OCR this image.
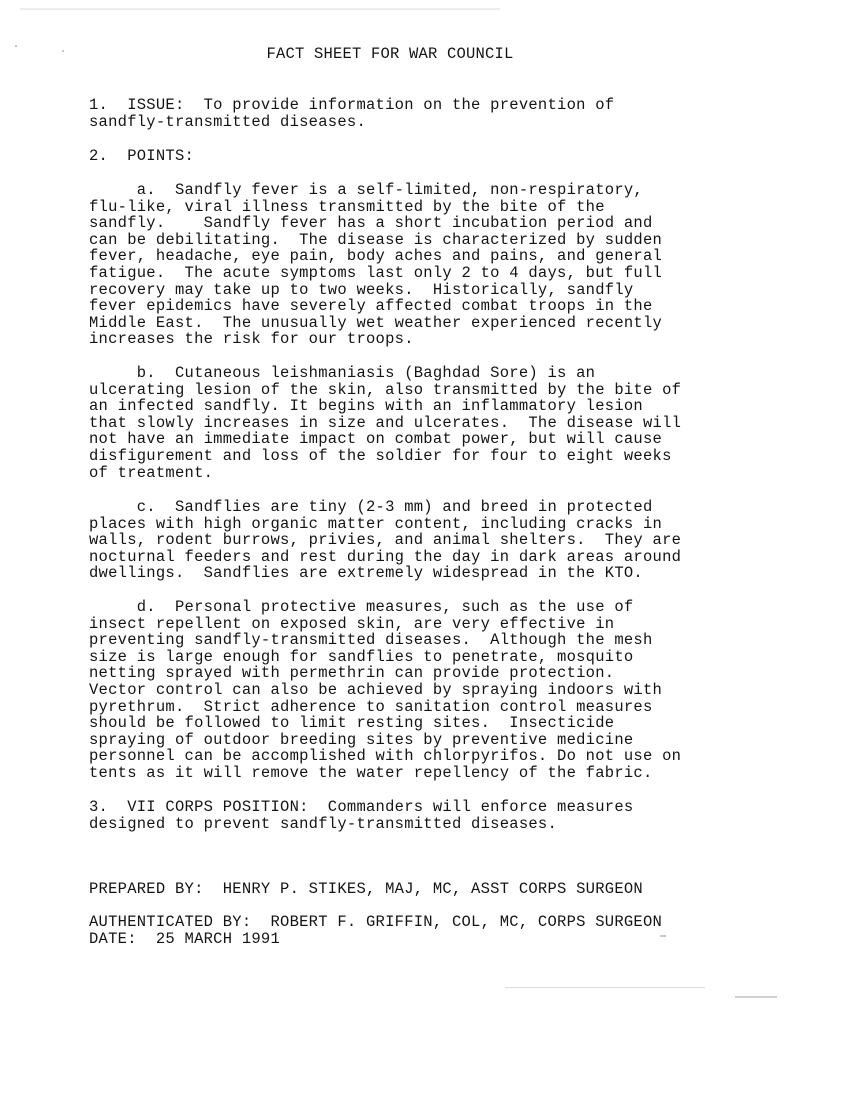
FACT SHEET FOR WAR COUNCIL
1.  ISSUE:  To provide information on the prevention of
sandfly-transmitted diseases.
2.  POINTS:
a.  Sandfly fever is a self-limited, non-respiratory,
flu-like, viral illness transmitted by the bite of the
sandfly.    Sandfly fever has a short incubation period and
can be debilitating.  The disease is characterized by sudden
fever, headache, eye pain, body aches and pains, and general
fatigue.  The acute symptoms last only 2 to 4 days, but full
recovery may take up to two weeks.  Historically, sandfly
fever epidemics have severely affected combat troops in the
Middle East.  The unusually wet weather experienced recently
increases the risk for our troops.
b.  Cutaneous leishmaniasis (Baghdad Sore) is an
ulcerating lesion of the skin, also transmitted by the bite of
an infected sandfly. It begins with an inflammatory lesion
that slowly increases in size and ulcerates.  The disease will
not have an immediate impact on combat power, but will cause
disfigurement and loss of the soldier for four to eight weeks
of treatment.
c.  Sandflies are tiny (2-3 mm) and breed in protected
places with high organic matter content, including cracks in
walls, rodent burrows, privies, and animal shelters.  They are
nocturnal feeders and rest during the day in dark areas around
dwellings.  Sandflies are extremely widespread in the KTO.
d.  Personal protective measures, such as the use of
insect repellent on exposed skin, are very effective in
preventing sandfly-transmitted diseases.  Although the mesh
size is large enough for sandflies to penetrate, mosquito
netting sprayed with permethrin can provide protection.
Vector control can also be achieved by spraying indoors with
pyrethrum.  Strict adherence to sanitation control measures
should be followed to limit resting sites.  Insecticide
spraying of outdoor breeding sites by preventive medicine
personnel can be accomplished with chlorpyrifos. Do not use on
tents as it will remove the water repellency of the fabric.
3.  VII CORPS POSITION:  Commanders will enforce measures
designed to prevent sandfly-transmitted diseases.
PREPARED BY:  HENRY P. STIKES, MAJ, MC, ASST CORPS SURGEON
AUTHENTICATED BY:  ROBERT F. GRIFFIN, COL, MC, CORPS SURGEON
DATE:  25 MARCH 1991
